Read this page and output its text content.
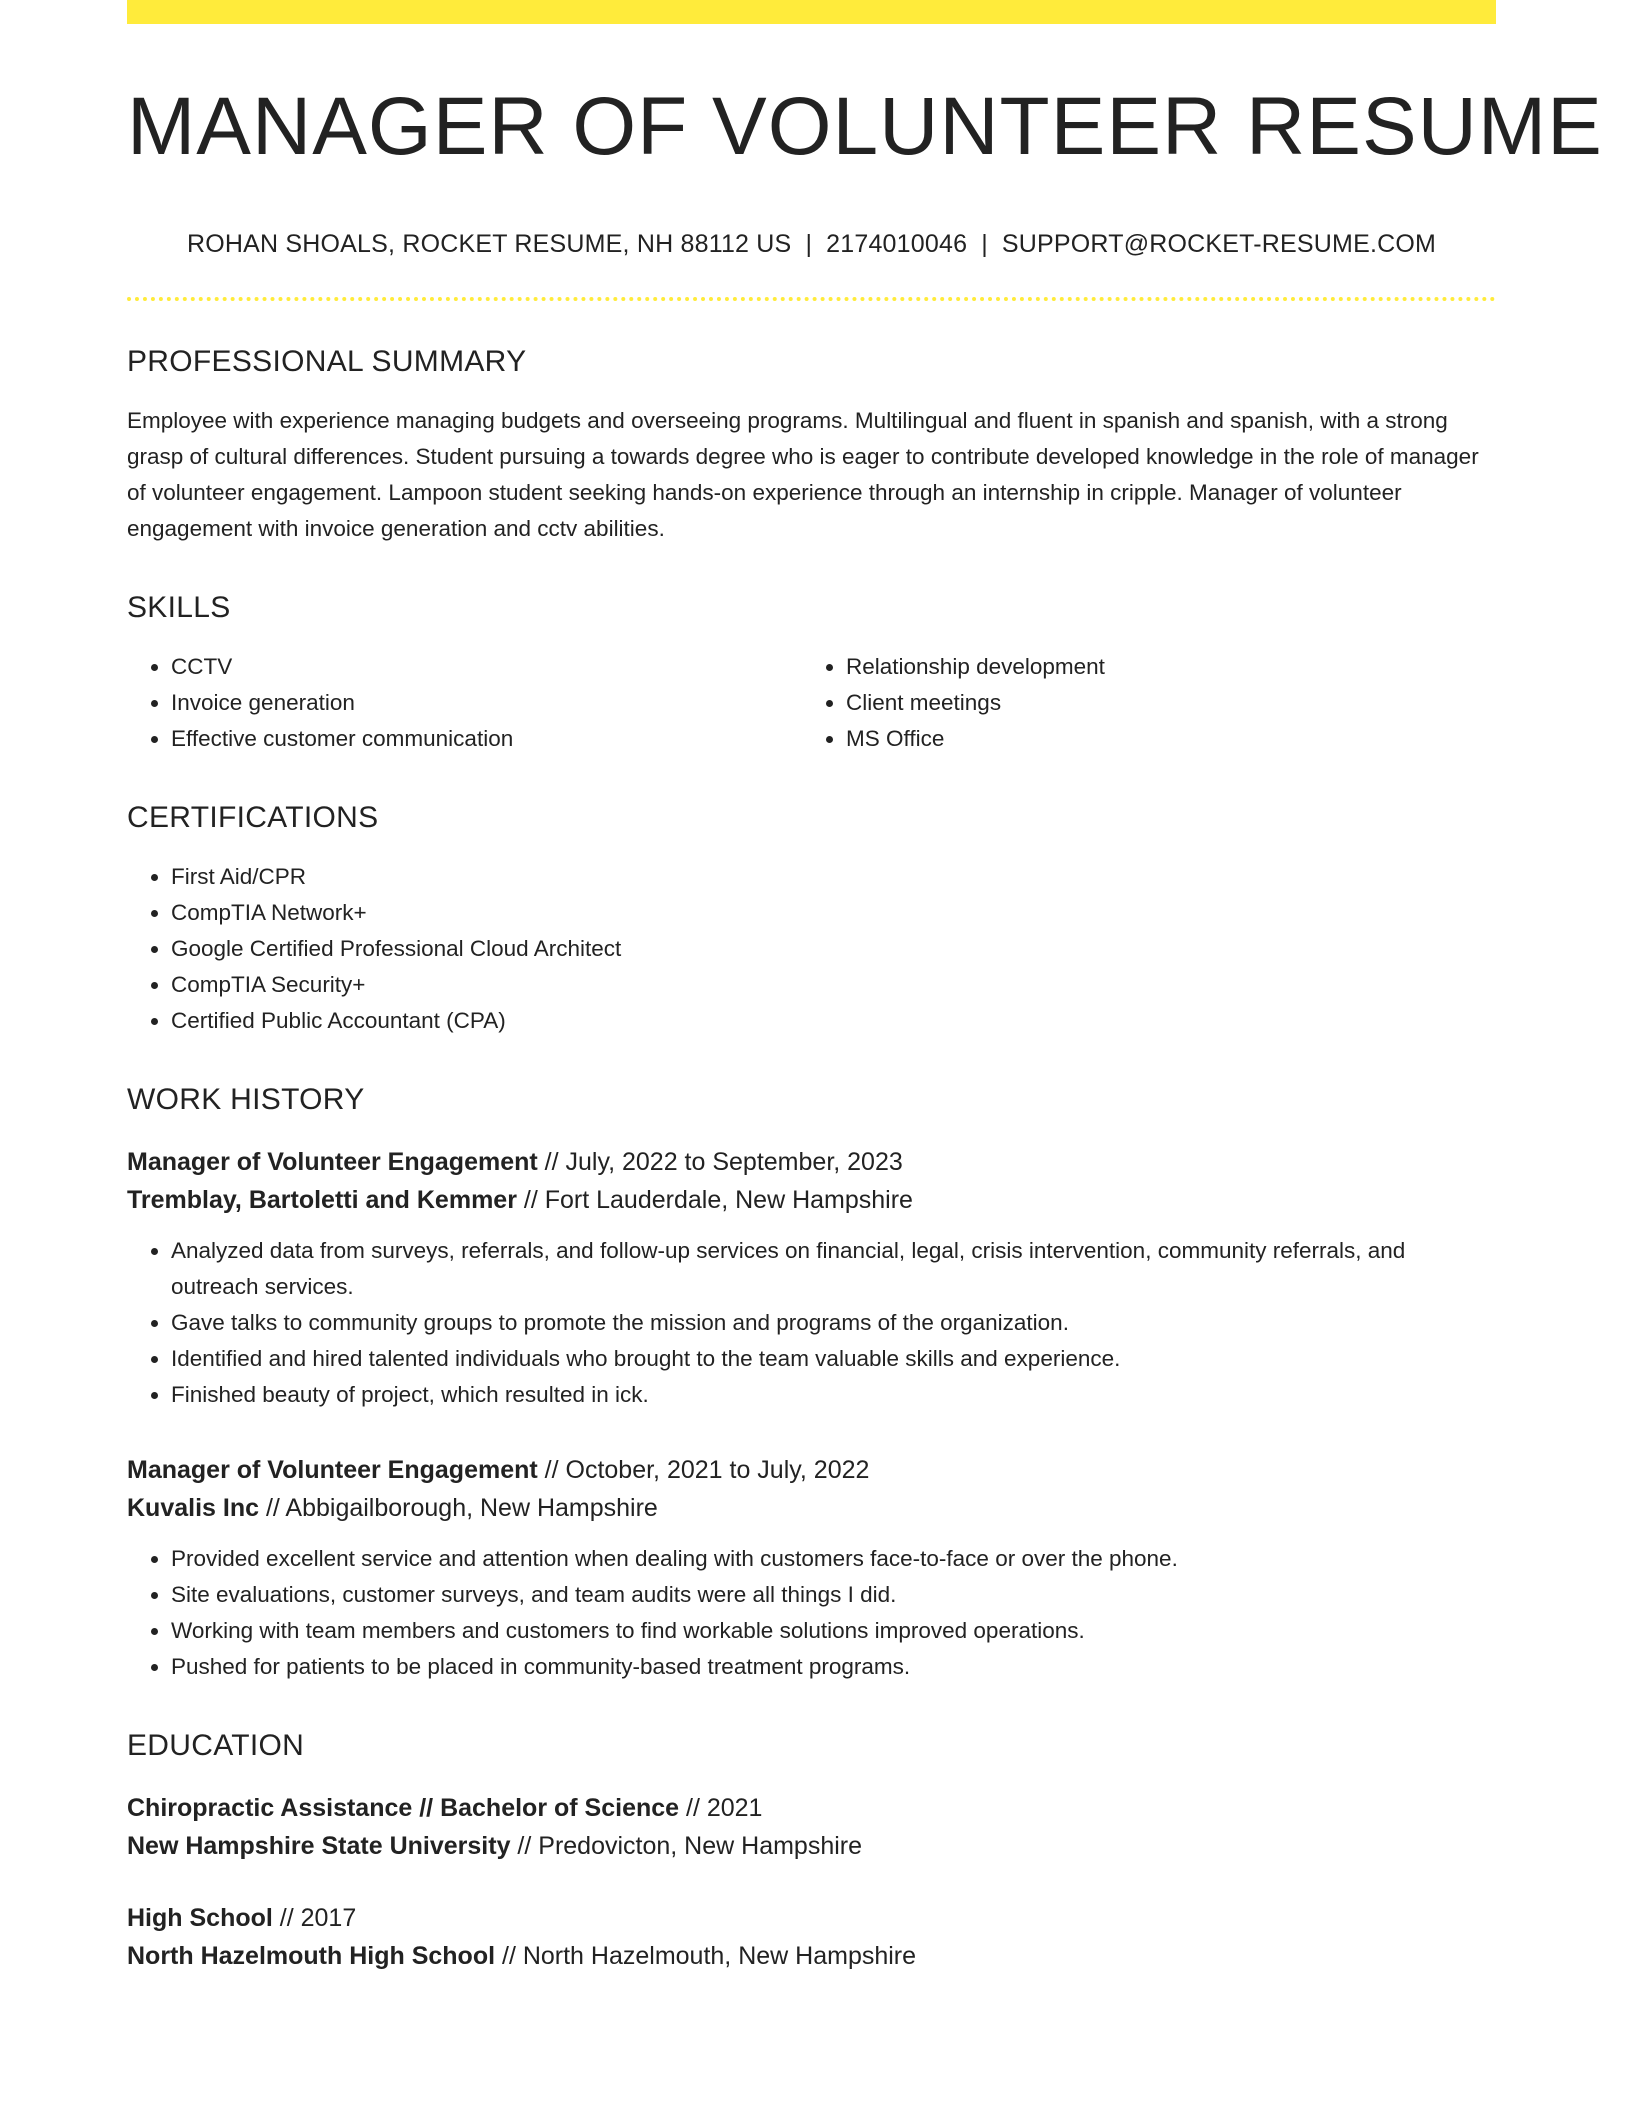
MANAGER OF VOLUNTEER RESUME
ROHAN SHOALS, ROCKET RESUME, NH 88112 US | 2174010046 | SUPPORT@ROCKET-RESUME.COM
PROFESSIONAL SUMMARY
Employee with experience managing budgets and overseeing programs. Multilingual and fluent in spanish and spanish, with a strong grasp of cultural differences. Student pursuing a towards degree who is eager to contribute developed knowledge in the role of manager of volunteer engagement. Lampoon student seeking hands-on experience through an internship in cripple. Manager of volunteer engagement with invoice generation and cctv abilities.
SKILLS
• CCTV
• Invoice generation
• Effective customer communication
• Relationship development
• Client meetings
• MS Office
CERTIFICATIONS
• First Aid/CPR
• CompTIA Network+
• Google Certified Professional Cloud Architect
• CompTIA Security+
• Certified Public Accountant (CPA)
WORK HISTORY
Manager of Volunteer Engagement // July, 2022 to September, 2023
Tremblay, Bartoletti and Kemmer // Fort Lauderdale, New Hampshire
• Analyzed data from surveys, referrals, and follow-up services on financial, legal, crisis intervention, community referrals, and outreach services.
• Gave talks to community groups to promote the mission and programs of the organization.
• Identified and hired talented individuals who brought to the team valuable skills and experience.
• Finished beauty of project, which resulted in ick.
Manager of Volunteer Engagement // October, 2021 to July, 2022
Kuvalis Inc // Abbigailborough, New Hampshire
• Provided excellent service and attention when dealing with customers face-to-face or over the phone.
• Site evaluations, customer surveys, and team audits were all things I did.
• Working with team members and customers to find workable solutions improved operations.
• Pushed for patients to be placed in community-based treatment programs.
EDUCATION
Chiropractic Assistance // Bachelor of Science // 2021
New Hampshire State University // Predovicton, New Hampshire
High School // 2017
North Hazelmouth High School // North Hazelmouth, New Hampshire
